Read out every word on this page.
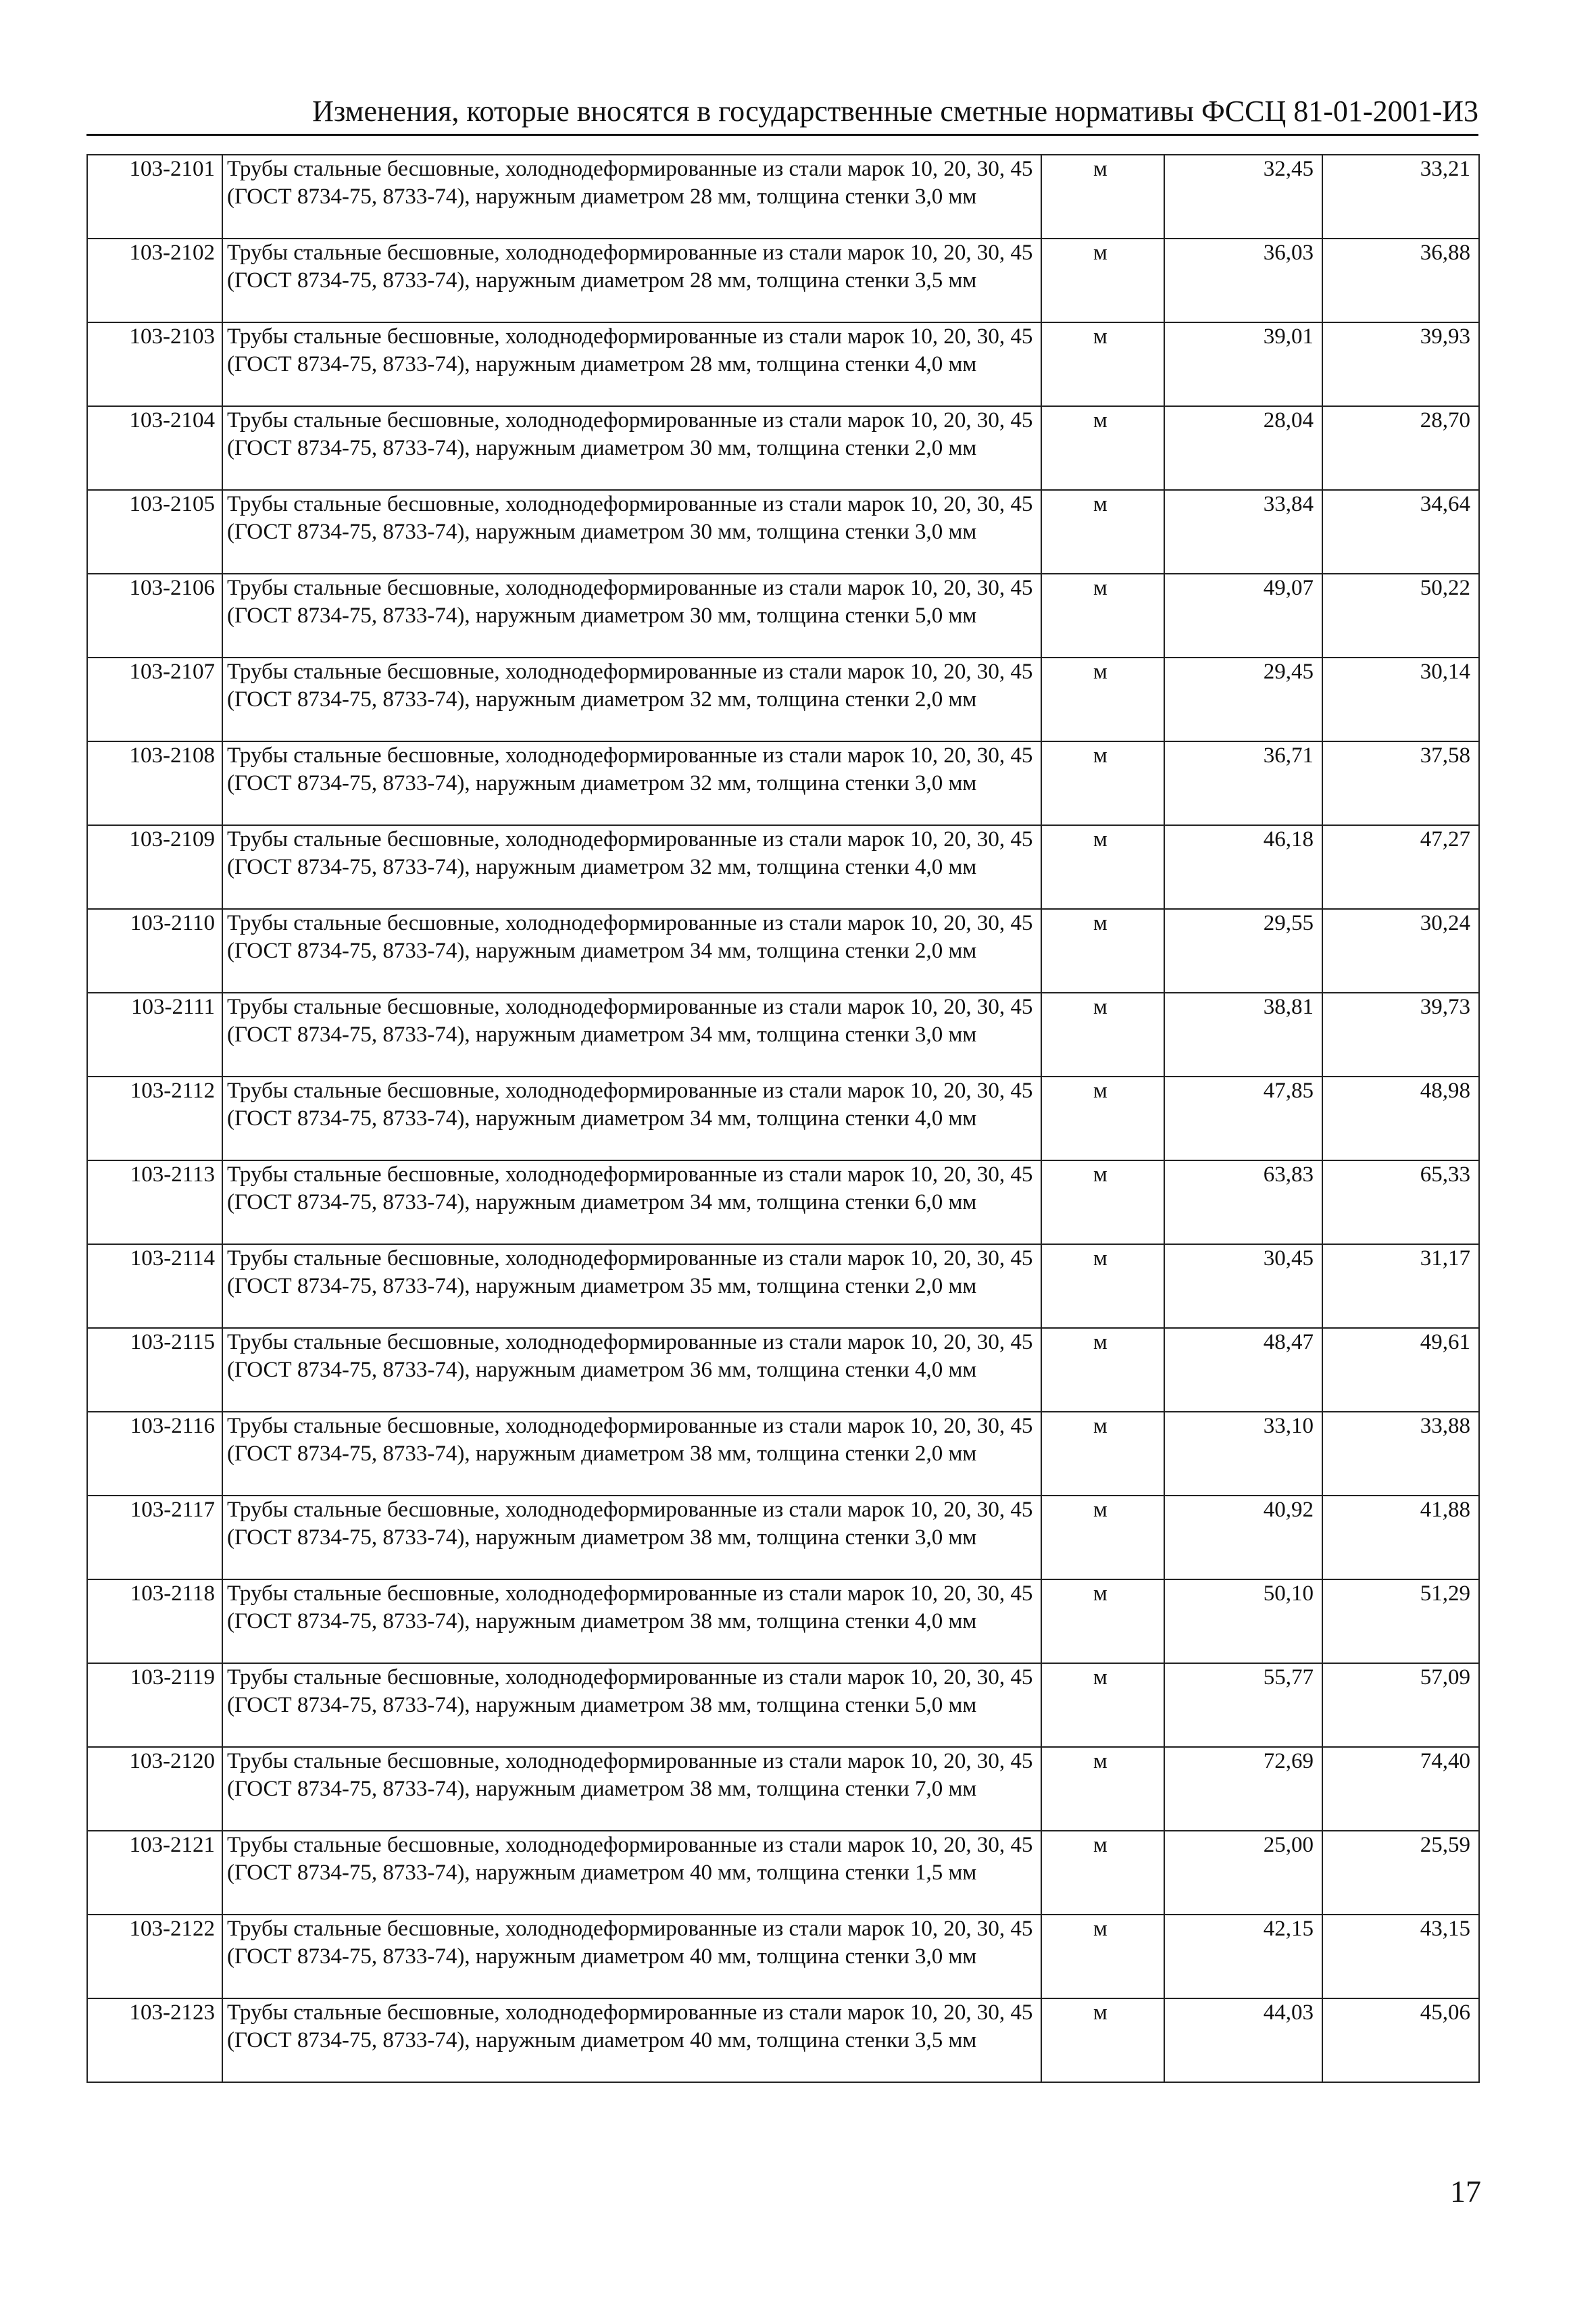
Изменения, которые вносятся в государственные сметные нормативы ФССЦ 81-01-2001-И3
103-2101	Трубы стальные бесшовные, холоднодеформированные из стали марок 10, 20, 30, 45 (ГОСТ 8734-75, 8733-74), наружным диаметром 28 мм, толщина стенки 3,0 мм	м	32,45	33,21
103-2102	Трубы стальные бесшовные, холоднодеформированные из стали марок 10, 20, 30, 45 (ГОСТ 8734-75, 8733-74), наружным диаметром 28 мм, толщина стенки 3,5 мм	м	36,03	36,88
103-2103	Трубы стальные бесшовные, холоднодеформированные из стали марок 10, 20, 30, 45 (ГОСТ 8734-75, 8733-74), наружным диаметром 28 мм, толщина стенки 4,0 мм	м	39,01	39,93
103-2104	Трубы стальные бесшовные, холоднодеформированные из стали марок 10, 20, 30, 45 (ГОСТ 8734-75, 8733-74), наружным диаметром 30 мм, толщина стенки 2,0 мм	м	28,04	28,70
103-2105	Трубы стальные бесшовные, холоднодеформированные из стали марок 10, 20, 30, 45 (ГОСТ 8734-75, 8733-74), наружным диаметром 30 мм, толщина стенки 3,0 мм	м	33,84	34,64
103-2106	Трубы стальные бесшовные, холоднодеформированные из стали марок 10, 20, 30, 45 (ГОСТ 8734-75, 8733-74), наружным диаметром 30 мм, толщина стенки 5,0 мм	м	49,07	50,22
103-2107	Трубы стальные бесшовные, холоднодеформированные из стали марок 10, 20, 30, 45 (ГОСТ 8734-75, 8733-74), наружным диаметром 32 мм, толщина стенки 2,0 мм	м	29,45	30,14
103-2108	Трубы стальные бесшовные, холоднодеформированные из стали марок 10, 20, 30, 45 (ГОСТ 8734-75, 8733-74), наружным диаметром 32 мм, толщина стенки 3,0 мм	м	36,71	37,58
103-2109	Трубы стальные бесшовные, холоднодеформированные из стали марок 10, 20, 30, 45 (ГОСТ 8734-75, 8733-74), наружным диаметром 32 мм, толщина стенки 4,0 мм	м	46,18	47,27
103-2110	Трубы стальные бесшовные, холоднодеформированные из стали марок 10, 20, 30, 45 (ГОСТ 8734-75, 8733-74), наружным диаметром 34 мм, толщина стенки 2,0 мм	м	29,55	30,24
103-2111	Трубы стальные бесшовные, холоднодеформированные из стали марок 10, 20, 30, 45 (ГОСТ 8734-75, 8733-74), наружным диаметром 34 мм, толщина стенки 3,0 мм	м	38,81	39,73
103-2112	Трубы стальные бесшовные, холоднодеформированные из стали марок 10, 20, 30, 45 (ГОСТ 8734-75, 8733-74), наружным диаметром 34 мм, толщина стенки 4,0 мм	м	47,85	48,98
103-2113	Трубы стальные бесшовные, холоднодеформированные из стали марок 10, 20, 30, 45 (ГОСТ 8734-75, 8733-74), наружным диаметром 34 мм, толщина стенки 6,0 мм	м	63,83	65,33
103-2114	Трубы стальные бесшовные, холоднодеформированные из стали марок 10, 20, 30, 45 (ГОСТ 8734-75, 8733-74), наружным диаметром 35 мм, толщина стенки 2,0 мм	м	30,45	31,17
103-2115	Трубы стальные бесшовные, холоднодеформированные из стали марок 10, 20, 30, 45 (ГОСТ 8734-75, 8733-74), наружным диаметром 36 мм, толщина стенки 4,0 мм	м	48,47	49,61
103-2116	Трубы стальные бесшовные, холоднодеформированные из стали марок 10, 20, 30, 45 (ГОСТ 8734-75, 8733-74), наружным диаметром 38 мм, толщина стенки 2,0 мм	м	33,10	33,88
103-2117	Трубы стальные бесшовные, холоднодеформированные из стали марок 10, 20, 30, 45 (ГОСТ 8734-75, 8733-74), наружным диаметром 38 мм, толщина стенки 3,0 мм	м	40,92	41,88
103-2118	Трубы стальные бесшовные, холоднодеформированные из стали марок 10, 20, 30, 45 (ГОСТ 8734-75, 8733-74), наружным диаметром 38 мм, толщина стенки 4,0 мм	м	50,10	51,29
103-2119	Трубы стальные бесшовные, холоднодеформированные из стали марок 10, 20, 30, 45 (ГОСТ 8734-75, 8733-74), наружным диаметром 38 мм, толщина стенки 5,0 мм	м	55,77	57,09
103-2120	Трубы стальные бесшовные, холоднодеформированные из стали марок 10, 20, 30, 45 (ГОСТ 8734-75, 8733-74), наружным диаметром 38 мм, толщина стенки 7,0 мм	м	72,69	74,40
103-2121	Трубы стальные бесшовные, холоднодеформированные из стали марок 10, 20, 30, 45 (ГОСТ 8734-75, 8733-74), наружным диаметром 40 мм, толщина стенки 1,5 мм	м	25,00	25,59
103-2122	Трубы стальные бесшовные, холоднодеформированные из стали марок 10, 20, 30, 45 (ГОСТ 8734-75, 8733-74), наружным диаметром 40 мм, толщина стенки 3,0 мм	м	42,15	43,15
103-2123	Трубы стальные бесшовные, холоднодеформированные из стали марок 10, 20, 30, 45 (ГОСТ 8734-75, 8733-74), наружным диаметром 40 мм, толщина стенки 3,5 мм	м	44,03	45,06
17
